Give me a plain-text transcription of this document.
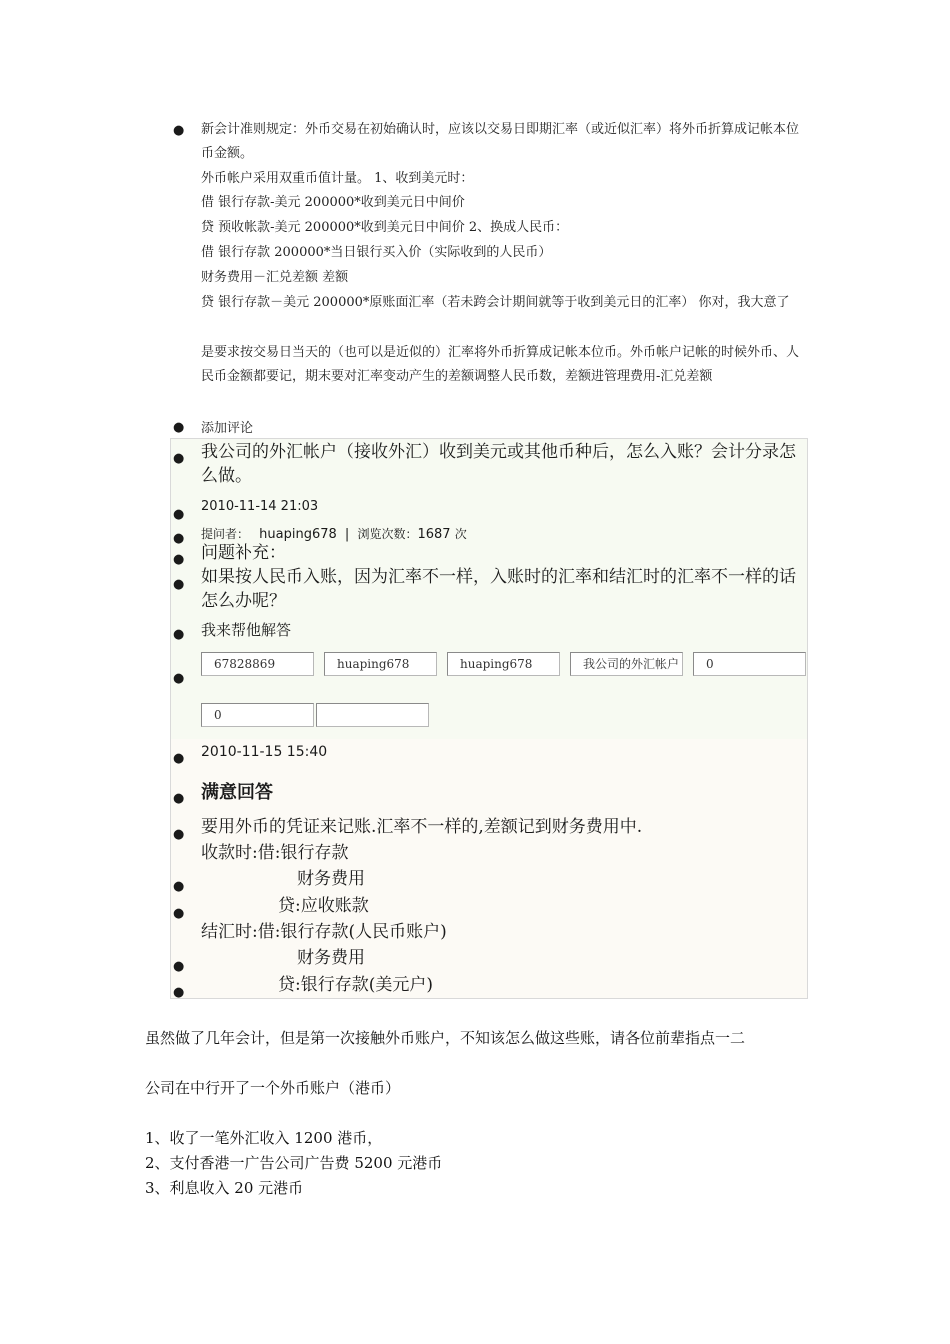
● 新会计准则规定：外币交易在初始确认时，应该以交易日即期汇率（或近似汇率）将外币折算成记帐本位币金额。
外币帐户采用双重币值计量。 1、收到美元时：
借 银行存款-美元 200000*收到美元日中间价
贷 预收帐款-美元 200000*收到美元日中间价 2、换成人民币：
借 银行存款 200000*当日银行买入价（实际收到的人民币）
财务费用－汇兑差额 差额
贷 银行存款－美元 200000*原账面汇率（若未跨会计期间就等于收到美元日的汇率） 你对，我大意了
是要求按交易日当天的（也可以是近似的）汇率将外币折算成记帐本位币。外币帐户记帐的时候外币、人民币金额都要记，期末要对汇率变动产生的差额调整人民币数，差额进管理费用-汇兑差额
● 添加评论
● 我公司的外汇帐户（接收外汇）收到美元或其他币种后，怎么入账？会计分录怎么做。
●
2010-11-14 21:03
● 提问者： huaping678 | 浏览次数：1687 次
● 问题补充：
● 如果按人民币入账，因为汇率不一样，入账时的汇率和结汇时的汇率不一样的话怎么办呢？
● 我来帮他解答
●
67828869	huaping678	huaping678	我公司的外汇帐户	0
0
● 2010-11-15 15:40
● 满意回答
● 要用外币的凭证来记账.汇率不一样的,差额记到财务费用中.
收款时:借:银行存款
●	财务费用
●	贷:应收账款
结汇时:借:银行存款(人民币账户)
●	财务费用
●	贷:银行存款(美元户)
虽然做了几年会计，但是第一次接触外币账户，不知该怎么做这些账，请各位前辈指点一二
公司在中行开了一个外币账户（港币）
1、收了一笔外汇收入 1200 港币，
2、支付香港一广告公司广告费 5200 元港币
3、利息收入 20 元港币
